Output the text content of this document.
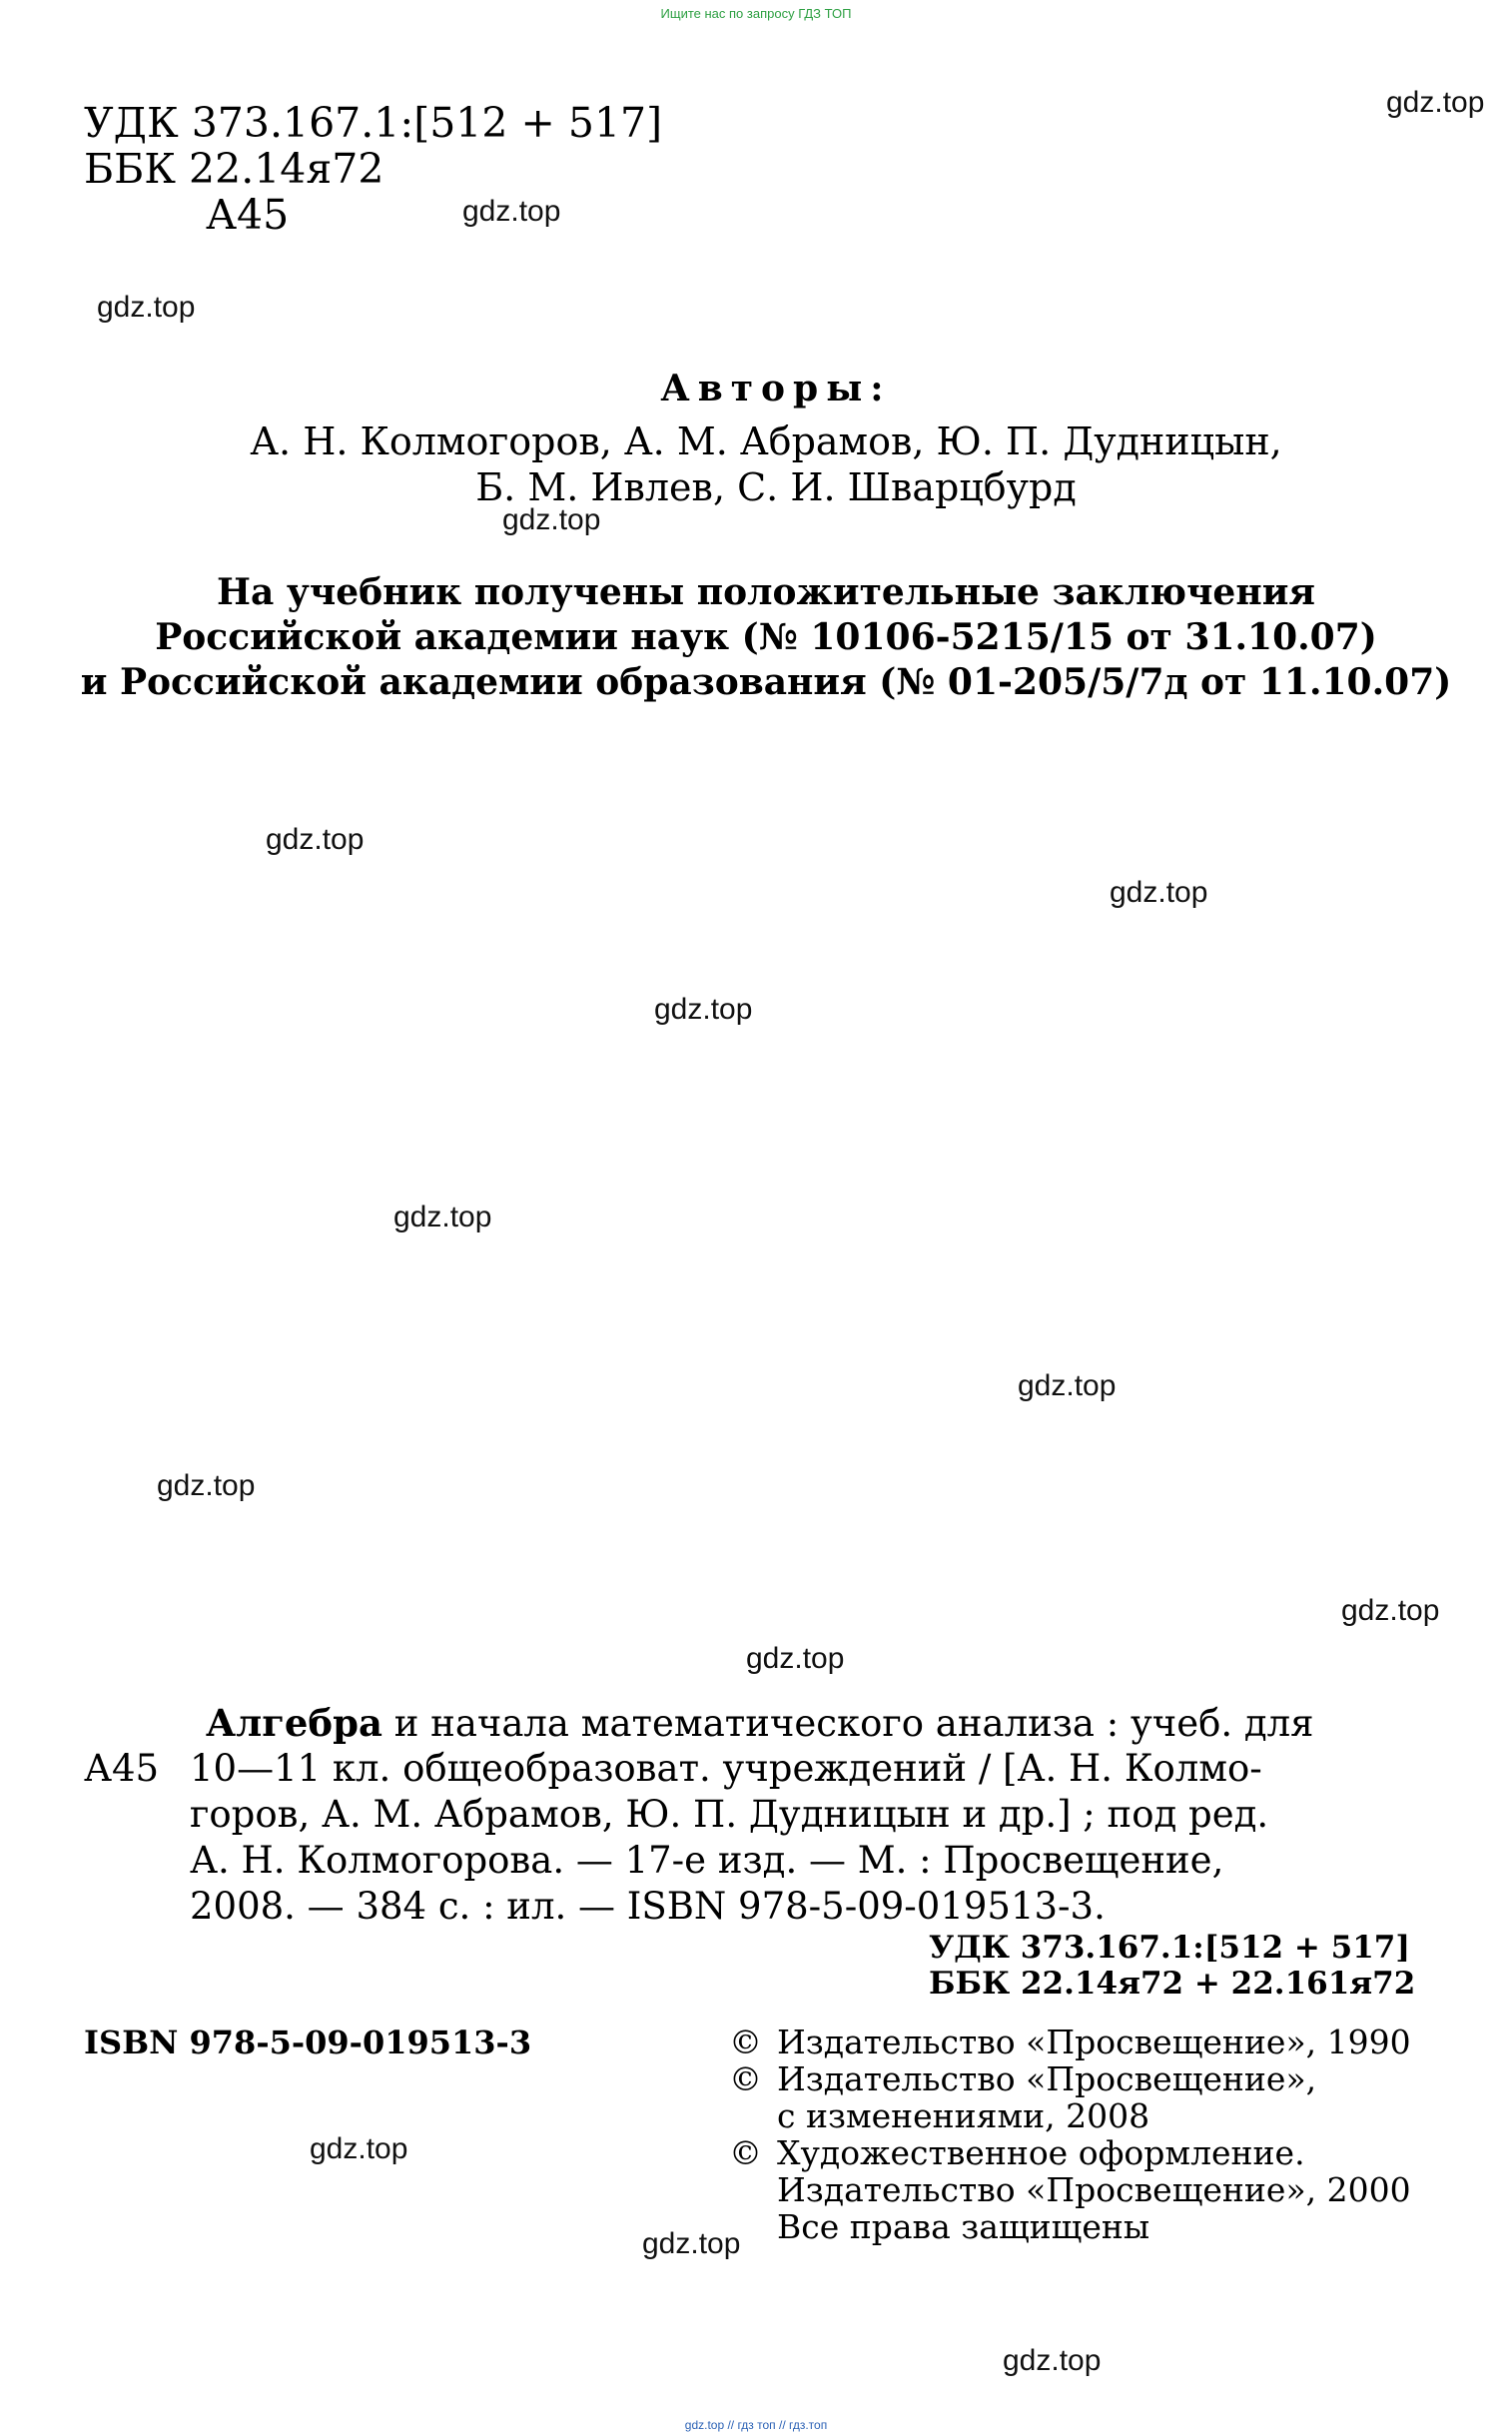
Ищите нас по запросу ГДЗ ТОП
УДК 373.167.1:[512 + 517]
ББК 22.14я72
А45
Авторы:
А. Н. Колмогоров, А. М. Абрамов, Ю. П. Дудницын,
Б. М. Ивлев, С. И. Шварцбурд
На учебник получены положительные заключения
Российской академии наук (№ 10106-5215/15 от 31.10.07)
и Российской академии образования (№ 01-205/5/7д от 11.10.07)
Алгебра и начала математического анализа : учеб. для
А45 10—11 кл. общеобразоват. учреждений / [А. Н. Колмо-
горов, А. М. Абрамов, Ю. П. Дудницын и др.] ; под ред.
А. Н. Колмогорова. — 17-е изд. — М. : Просвещение,
2008. — 384 с. : ил. — ISBN 978-5-09-019513-3.
УДК 373.167.1:[512 + 517]
ББК 22.14я72 + 22.161я72
ISBN 978-5-09-019513-3	© Издательство «Просвещение», 1990
© Издательство «Просвещение»,
с изменениями, 2008
© Художественное оформление.
Издательство «Просвещение», 2000
Все права защищены
gdz.top
gdz.top
gdz.top
gdz.top
gdz.top
gdz.top
gdz.top
gdz.top
gdz.top
gdz.top
gdz.top
gdz.top
gdz.top
gdz.top
gdz.top
gdz.top // гдз топ // гдз.топ
